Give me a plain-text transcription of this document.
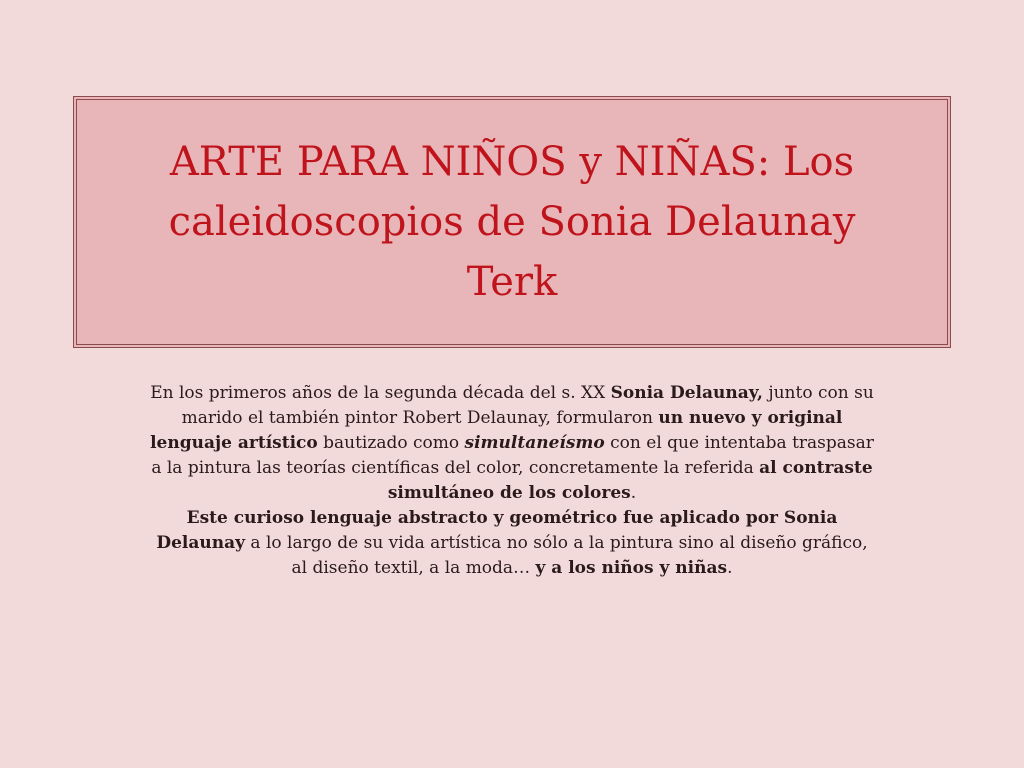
ARTE PARA NIÑOS y NIÑAS: Los caleidoscopios de Sonia Delaunay Terk

En los primeros años de la segunda década del s. XX Sonia Delaunay, junto con su marido el también pintor Robert Delaunay, formularon un nuevo y original lenguaje artístico bautizado como simultaneísmo con el que intentaba traspasar a la pintura las teorías científicas del color, concretamente la referida al contraste simultáneo de los colores.

Este curioso lenguaje abstracto y geométrico fue aplicado por Sonia Delaunay a lo largo de su vida artística no sólo a la pintura sino al diseño gráfico, al diseño textil, a la moda… y a los niños y niñas.
